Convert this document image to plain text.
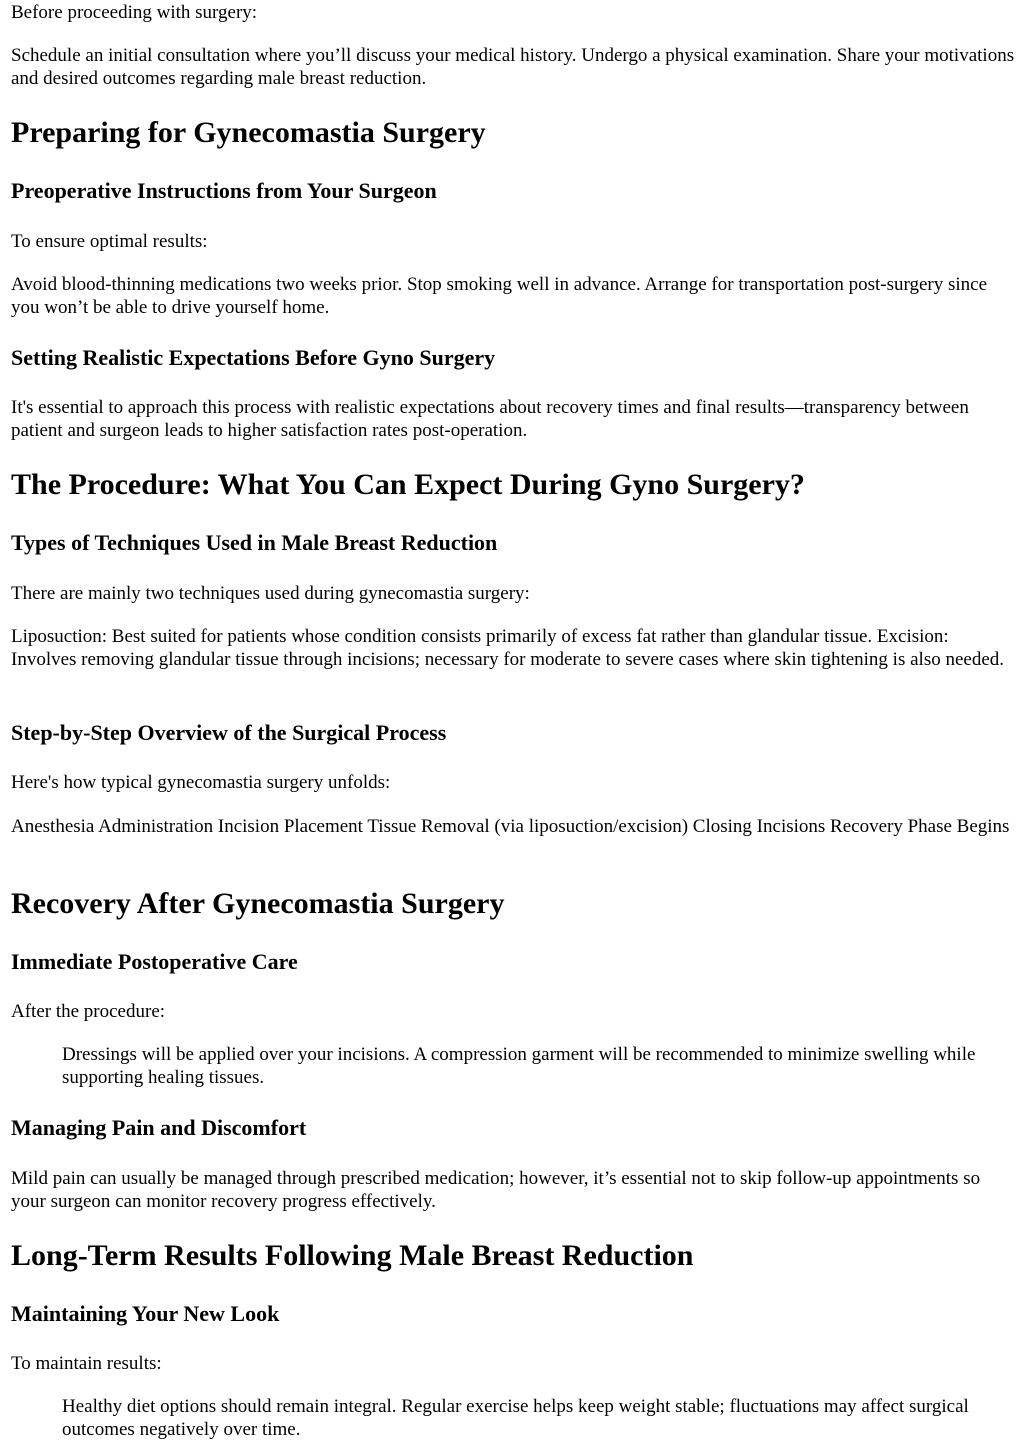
Before proceeding with surgery:

Schedule an initial consultation where you’ll discuss your medical history. Undergo a physical examination. Share your motivations and desired outcomes regarding male breast reduction.

Preparing for Gynecomastia Surgery
Preoperative Instructions from Your Surgeon

To ensure optimal results:

Avoid blood-thinning medications two weeks prior. Stop smoking well in advance. Arrange for transportation post-surgery since you won’t be able to drive yourself home.

Setting Realistic Expectations Before Gyno Surgery

It's essential to approach this process with realistic expectations about recovery times and final results—transparency between patient and surgeon leads to higher satisfaction rates post-operation.

The Procedure: What You Can Expect During Gyno Surgery?
Types of Techniques Used in Male Breast Reduction

There are mainly two techniques used during gynecomastia surgery:

Liposuction: Best suited for patients whose condition consists primarily of excess fat rather than glandular tissue. Excision: Involves removing glandular tissue through incisions; necessary for moderate to severe cases where skin tightening is also needed.

Step-by-Step Overview of the Surgical Process

Here's how typical gynecomastia surgery unfolds:

Anesthesia Administration Incision Placement Tissue Removal (via liposuction/excision) Closing Incisions Recovery Phase Begins

Recovery After Gynecomastia Surgery
Immediate Postoperative Care

After the procedure:

Dressings will be applied over your incisions. A compression garment will be recommended to minimize swelling while supporting healing tissues.
Managing Pain and Discomfort

Mild pain can usually be managed through prescribed medication; however, it’s essential not to skip follow-up appointments so your surgeon can monitor recovery progress effectively.

Long-Term Results Following Male Breast Reduction
Maintaining Your New Look

To maintain results:

Healthy diet options should remain integral. Regular exercise helps keep weight stable; fluctuations may affect surgical outcomes negatively over time.
